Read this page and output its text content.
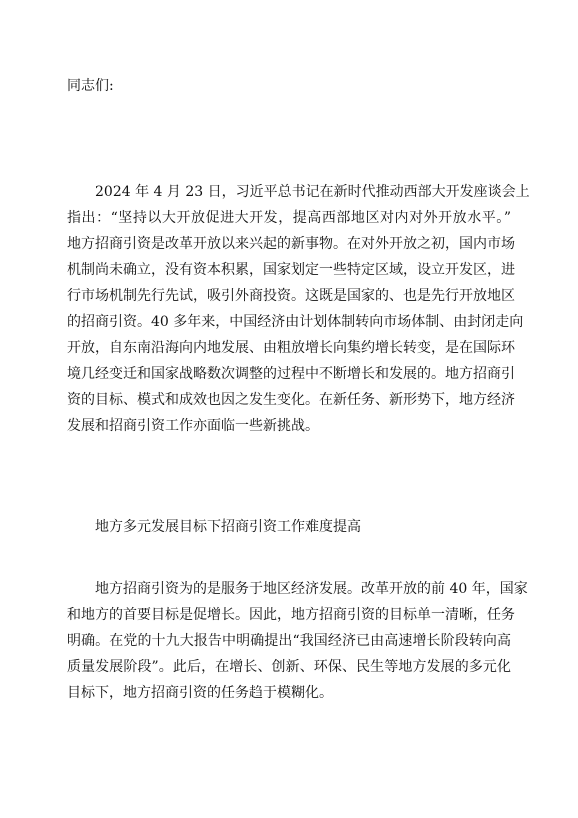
同志们:
2024 年 4 月 23 日，习近平总书记在新时代推动西部大开发座谈会上
指出：“坚持以大开放促进大开发，提高西部地区对内对外开放水平。”
地方招商引资是改革开放以来兴起的新事物。在对外开放之初，国内市场
机制尚未确立，没有资本积累，国家划定一些特定区域，设立开发区，进
行市场机制先行先试，吸引外商投资。这既是国家的、也是先行开放地区
的招商引资。40 多年来，中国经济由计划体制转向市场体制、由封闭走向
开放，自东南沿海向内地发展、由粗放增长向集约增长转变，是在国际环
境几经变迁和国家战略数次调整的过程中不断增长和发展的。地方招商引
资的目标、模式和成效也因之发生变化。在新任务、新形势下，地方经济
发展和招商引资工作亦面临一些新挑战。
地方多元发展目标下招商引资工作难度提高
地方招商引资为的是服务于地区经济发展。改革开放的前 40 年，国家
和地方的首要目标是促增长。因此，地方招商引资的目标单一清晰，任务
明确。在党的十九大报告中明确提出“我国经济已由高速增长阶段转向高
质量发展阶段”。此后，在增长、创新、环保、民生等地方发展的多元化
目标下，地方招商引资的任务趋于模糊化。
